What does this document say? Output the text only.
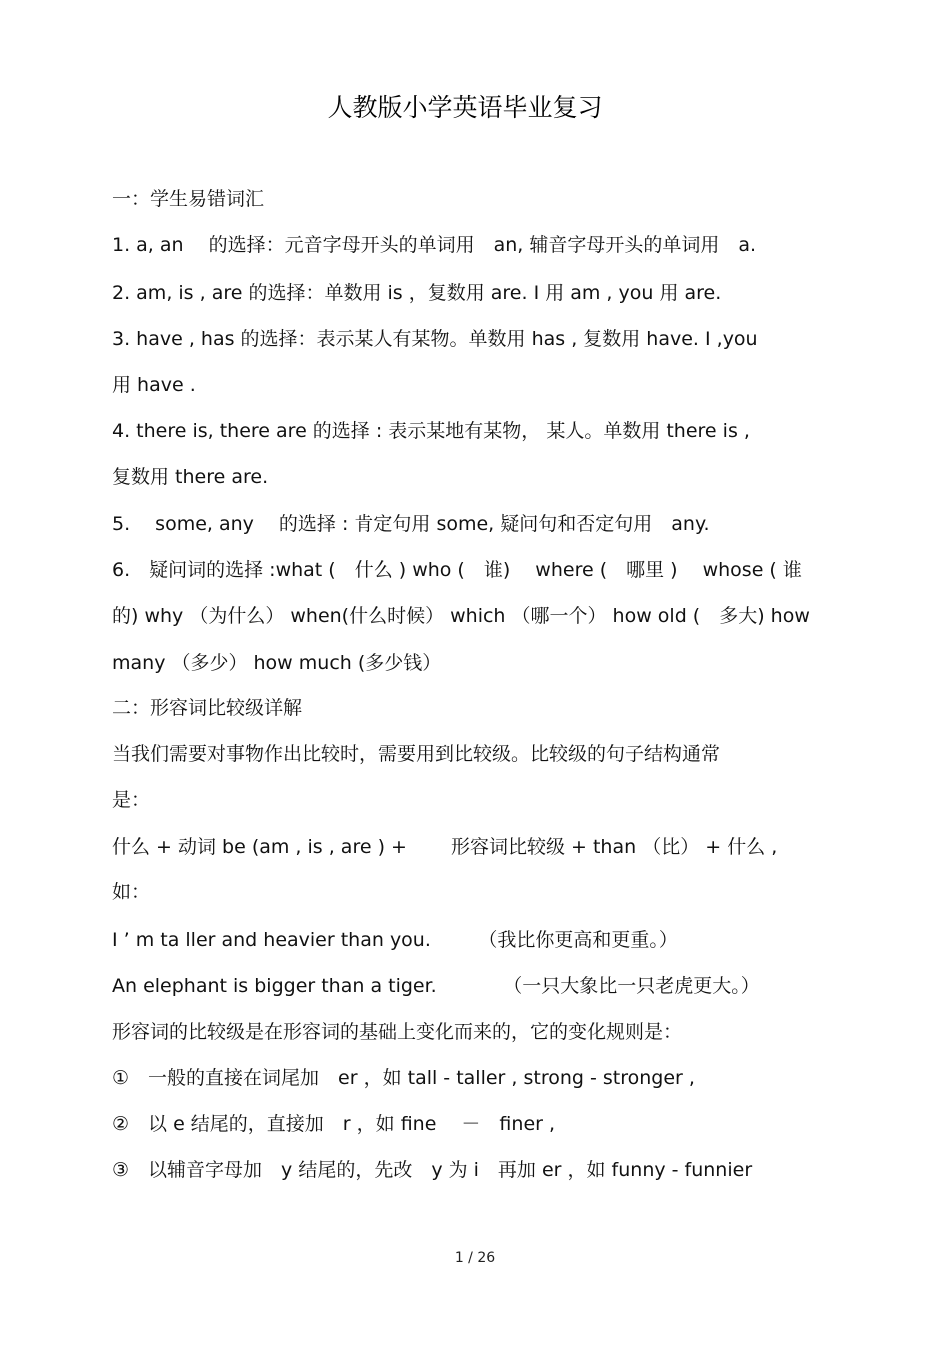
人教版小学英语毕业复习
一：学生易错词汇
1. a, an　 的选择：元音字母开头的单词用　an, 辅音字母开头的单词用　a.
2. am, is , are 的选择：单数用 is ，复数用 are. I 用 am , you 用 are.
3. have , has 的选择：表示某人有某物。单数用 has , 复数用 have. I ,you
用 have .
4. there is, there are 的选择 : 表示某地有某物， 某人。单数用 there is ,
复数用 there are.
5.　 some, any　 的选择 : 肯定句用 some, 疑问句和否定句用　any.
6.　疑问词的选择 :what (　什么 ) who (　谁)　 where (　哪里 )　 whose ( 谁
的) why （为什么） when(什么时候） which （哪一个） how old (　多大) how
many （多少） how much (多少钱）
二：形容词比较级详解
当我们需要对事物作出比较时，需要用到比较级。比较级的句子结构通常
是：
什么 + 动词 be (am , is , are ) +　　 形容词比较级 + than （比） + 什么 ,
如：
I ’ m ta ller and heavier than you.　　　（我比你更高和更重。）
An elephant is bigger than a tiger.　　　　（一只大象比一只老虎更大。）
形容词的比较级是在形容词的基础上变化而来的，它的变化规则是：
①　一般的直接在词尾加　er ，如 tall - taller , strong - stronger ,
②　以 e 结尾的，直接加　r ，如 fine　 －　finer ,
③　以辅音字母加　y 结尾的，先改　y 为 i　再加 er ，如 funny - funnier
1 / 26
